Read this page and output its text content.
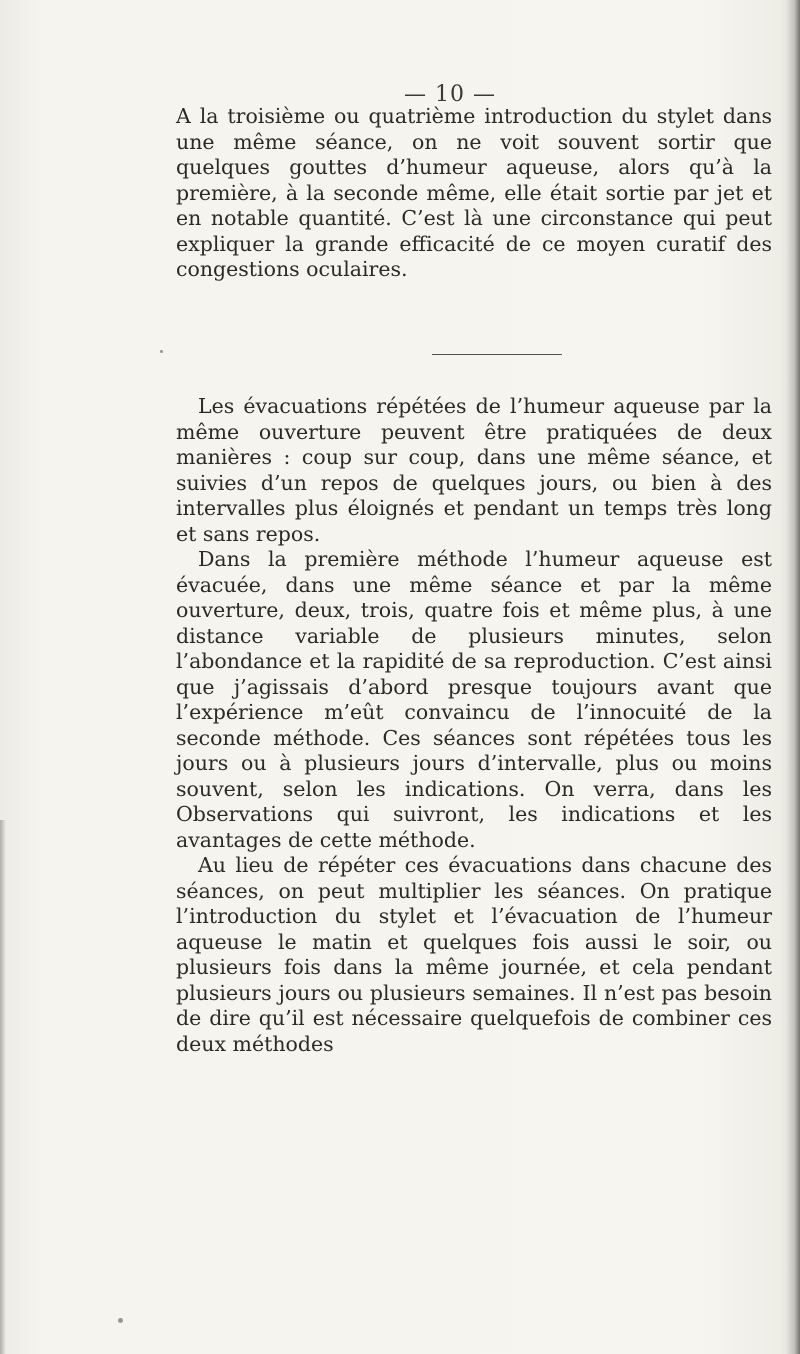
— 10 —

A la troisième ou quatrième introduction du stylet dans une même séance, on ne voit souvent sortir que quelques gouttes d’humeur aqueuse, alors qu’à la première, à la seconde même, elle était sortie par jet et en notable quantité. C’est là une circonstance qui peut expliquer la grande efficacité de ce moyen curatif des congestions oculaires.

Les évacuations répétées de l’humeur aqueuse par la même ouverture peuvent être pratiquées de deux manières : coup sur coup, dans une même séance, et suivies d’un repos de quelques jours, ou bien à des intervalles plus éloignés et pendant un temps très long et sans repos.

Dans la première méthode l’humeur aqueuse est évacuée, dans une même séance et par la même ouverture, deux, trois, quatre fois et même plus, à une distance variable de plusieurs minutes, selon l’abondance et la rapidité de sa reproduction. C’est ainsi que j’agissais d’abord presque toujours avant que l’expérience m’eût convaincu de l’innocuité de la seconde méthode. Ces séances sont répétées tous les jours ou à plusieurs jours d’intervalle, plus ou moins souvent, selon les indications. On verra, dans les Observations qui suivront, les indications et les avantages de cette méthode.

Au lieu de répéter ces évacuations dans chacune des séances, on peut multiplier les séances. On pratique l’introduction du stylet et l’évacuation de l’humeur aqueuse le matin et quelques fois aussi le soir, ou plusieurs fois dans la même journée, et cela pendant plusieurs jours ou plusieurs semaines. Il n’est pas besoin de dire qu’il est nécessaire quelquefois de combiner ces deux méthodes
